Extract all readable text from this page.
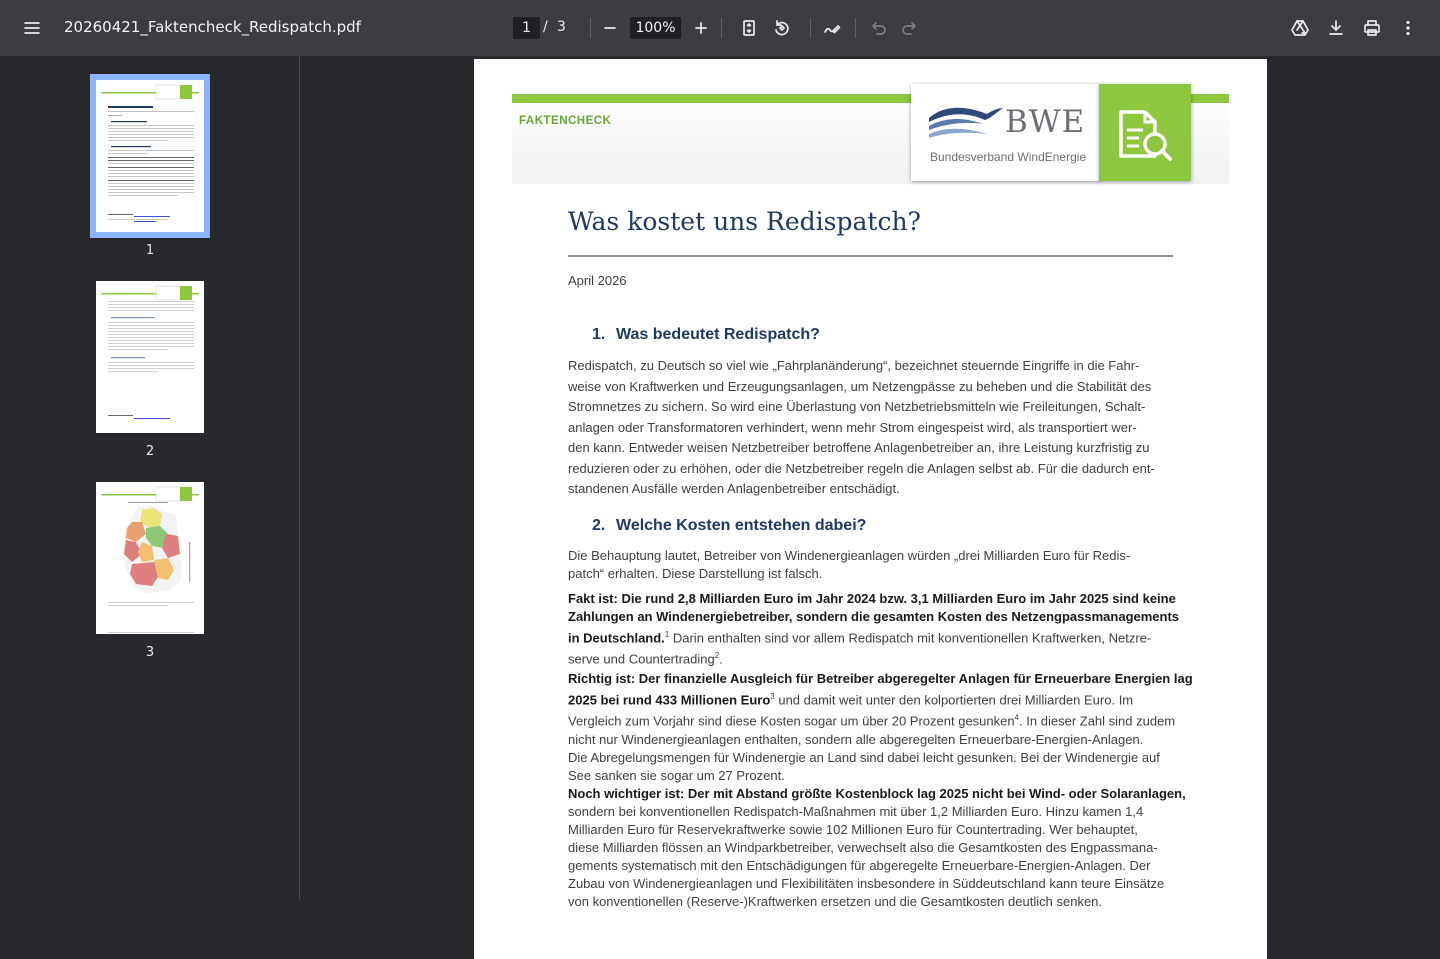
20260421_Faktencheck_Redispatch.pdf	1 / 3	100%
1
2
3
FAKTENCHECK	BWE
Bundesverband WindEnergie
Was kostet uns Redispatch?
April 2026
1. Was bedeutet Redispatch?
Redispatch, zu Deutsch so viel wie „Fahrplanänderung“, bezeichnet steuernde Eingriffe in die Fahr-
weise von Kraftwerken und Erzeugungsanlagen, um Netzengpässe zu beheben und die Stabilität des
Stromnetzes zu sichern. So wird eine Überlastung von Netzbetriebsmitteln wie Freileitungen, Schalt-
anlagen oder Transformatoren verhindert, wenn mehr Strom eingespeist wird, als transportiert wer-
den kann. Entweder weisen Netzbetreiber betroffene Anlagenbetreiber an, ihre Leistung kurzfristig zu
reduzieren oder zu erhöhen, oder die Netzbetreiber regeln die Anlagen selbst ab. Für die dadurch ent-
standenen Ausfälle werden Anlagenbetreiber entschädigt.
2. Welche Kosten entstehen dabei?
Die Behauptung lautet, Betreiber von Windenergieanlagen würden „drei Milliarden Euro für Redis-
patch“ erhalten. Diese Darstellung ist falsch.
Fakt ist: Die rund 2,8 Milliarden Euro im Jahr 2024 bzw. 3,1 Milliarden Euro im Jahr 2025 sind keine
Zahlungen an Windenergiebetreiber, sondern die gesamten Kosten des Netzengpassmanagements
in Deutschland.$^1$ Darin enthalten sind vor allem Redispatch mit konventionellen Kraftwerken, Netzre-
serve und Countertrading$^2$.
Richtig ist: Der finanzielle Ausgleich für Betreiber abgeregelter Anlagen für Erneuerbare Energien lag
2025 bei rund 433 Millionen Euro$^3$ und damit weit unter den kolportierten drei Milliarden Euro. Im
Vergleich zum Vorjahr sind diese Kosten sogar um über 20 Prozent gesunken$^4$. In dieser Zahl sind zudem
nicht nur Windenergieanlagen enthalten, sondern alle abgeregelten Erneuerbare-Energien-Anlagen.
Die Abregelungsmengen für Windenergie an Land sind dabei leicht gesunken. Bei der Windenergie auf
See sanken sie sogar um 27 Prozent.
Noch wichtiger ist: Der mit Abstand größte Kostenblock lag 2025 nicht bei Wind- oder Solaranlagen,
sondern bei konventionellen Redispatch-Maßnahmen mit über 1,2 Milliarden Euro. Hinzu kamen 1,4
Milliarden Euro für Reservekraftwerke sowie 102 Millionen Euro für Countertrading. Wer behauptet,
diese Milliarden flössen an Windparkbetreiber, verwechselt also die Gesamtkosten des Engpassmana-
gements systematisch mit den Entschädigungen für abgeregelte Erneuerbare-Energien-Anlagen. Der
Zubau von Windenergieanlagen und Flexibilitäten insbesondere in Süddeutschland kann teure Einsätze
von konventionellen (Reserve-)Kraftwerken ersetzen und die Gesamtkosten deutlich senken.
